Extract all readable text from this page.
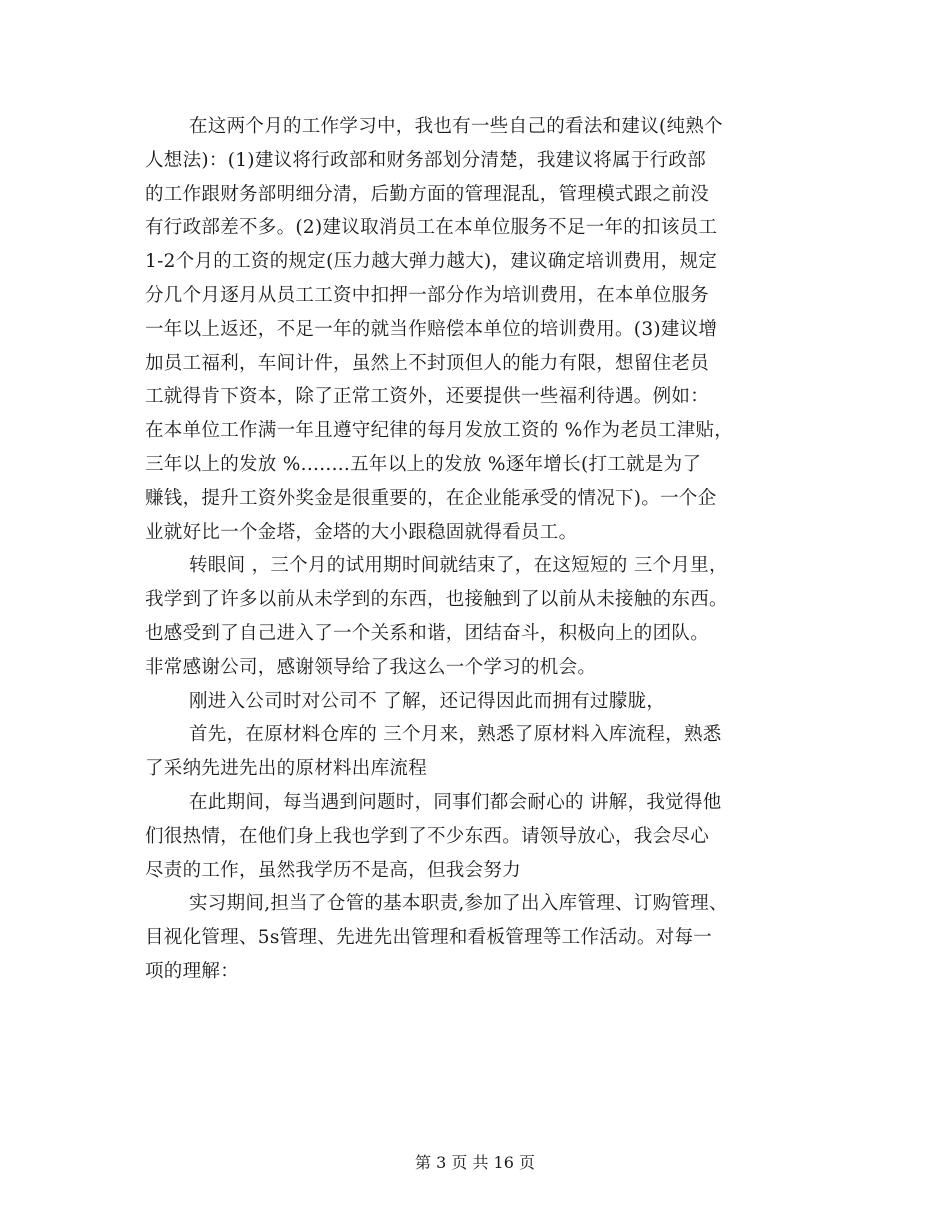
在这两个月的工作学习中，我也有一些自己的看法和建议(纯熟个
人想法)：(1)建议将行政部和财务部划分清楚，我建议将属于行政部
的工作跟财务部明细分清，后勤方面的管理混乱，管理模式跟之前没
有行政部差不多。(2)建议取消员工在本单位服务不足一年的扣该员工
1-2个月的工资的规定(压力越大弹力越大)，建议确定培训费用，规定
分几个月逐月从员工工资中扣押一部分作为培训费用，在本单位服务
一年以上返还，不足一年的就当作赔偿本单位的培训费用。(3)建议增
加员工福利，车间计件，虽然上不封顶但人的能力有限，想留住老员
工就得肯下资本，除了正常工资外，还要提供一些福利待遇。例如：
在本单位工作满一年且遵守纪律的每月发放工资的 %作为老员工津贴，
三年以上的发放 %........五年以上的发放 %逐年增长(打工就是为了
赚钱，提升工资外奖金是很重要的，在企业能承受的情况下)。一个企
业就好比一个金塔，金塔的大小跟稳固就得看员工。
转眼间 ，三个月的试用期时间就结束了，在这短短的 三个月里，
我学到了许多以前从未学到的东西，也接触到了以前从未接触的东西。
也感受到了自己进入了一个关系和谐，团结奋斗，积极向上的团队。
非常感谢公司，感谢领导给了我这么一个学习的机会。
刚进入公司时对公司不 了解，还记得因此而拥有过朦胧，
首先，在原材料仓库的 三个月来，熟悉了原材料入库流程，熟悉
了采纳先进先出的原材料出库流程
在此期间，每当遇到问题时，同事们都会耐心的 讲解，我觉得他
们很热情，在他们身上我也学到了不少东西。请领导放心，我会尽心
尽责的工作，虽然我学历不是高，但我会努力
实习期间,担当了仓管的基本职责,参加了出入库管理、订购管理、
目视化管理、5s管理、先进先出管理和看板管理等工作活动。对每一
项的理解：
第 3 页 共 16 页
